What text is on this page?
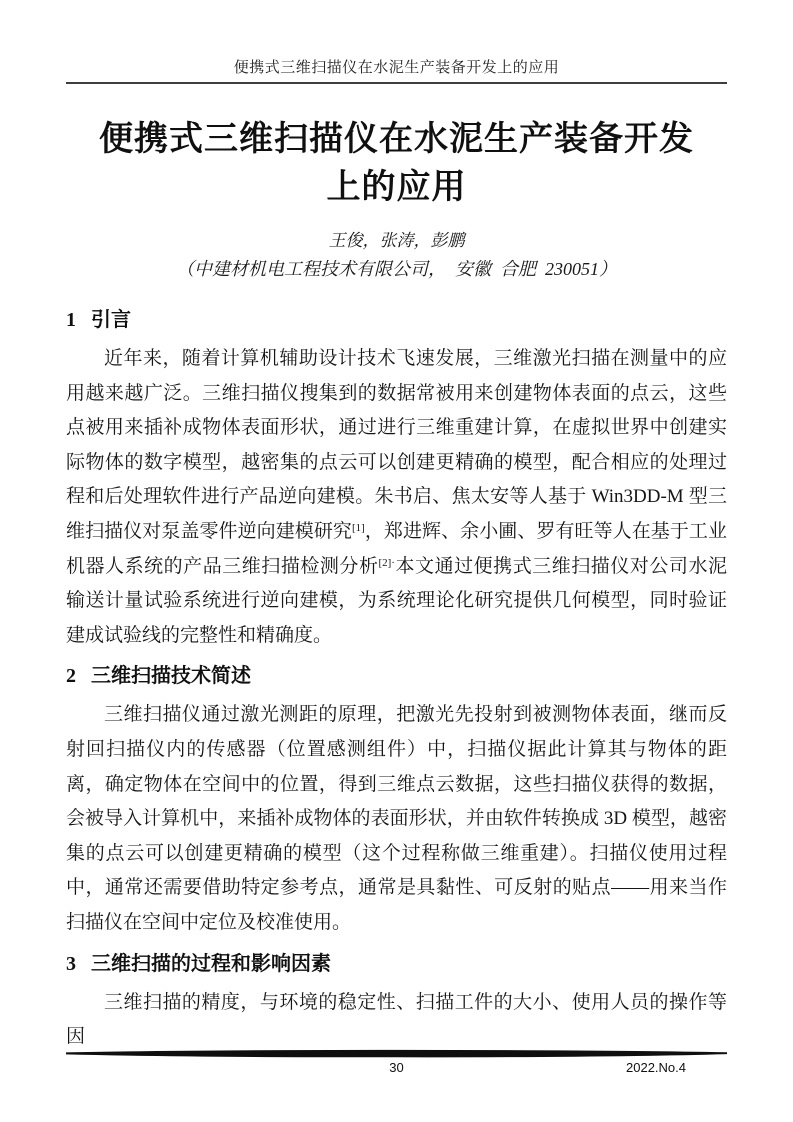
便携式三维扫描仪在水泥生产装备开发上的应用
便携式三维扫描仪在水泥生产装备开发
上的应用
王俊，张涛，彭鹏
（中建材机电工程技术有限公司，  安徽  合肥  230051）
1 引言

近年来，随着计算机辅助设计技术飞速发展，三维激光扫描在测量中的应用越来越广泛。三维扫描仪搜集到的数据常被用来创建物体表面的点云，这些点被用来插补成物体表面形状，通过进行三维重建计算，在虚拟世界中创建实际物体的数字模型，越密集的点云可以创建更精确的模型，配合相应的处理过程和后处理软件进行产品逆向建模。朱书启、焦太安等人基于 Win3DD-M 型三维扫描仪对泵盖零件逆向建模研究[1]，郑进辉、余小圃、罗有旺等人在基于工业机器人系统的产品三维扫描检测分析$^{[2]\cdot}$本文通过便携式三维扫描仪对公司水泥输送计量试验系统进行逆向建模，为系统理论化研究提供几何模型，同时验证建成试验线的完整性和精确度。

2 三维扫描技术简述

三维扫描仪通过激光测距的原理，把激光先投射到被测物体表面，继而反射回扫描仪内的传感器（位置感测组件）中，扫描仪据此计算其与物体的距离，确定物体在空间中的位置，得到三维点云数据，这些扫描仪获得的数据，会被导入计算机中，来插补成物体的表面形状，并由软件转换成 3D 模型，越密集的点云可以创建更精确的模型（这个过程称做三维重建）。扫描仪使用过程中，通常还需要借助特定参考点，通常是具黏性、可反射的贴点——用来当作扫描仪在空间中定位及校准使用。

3 三维扫描的过程和影响因素

三维扫描的精度，与环境的稳定性、扫描工件的大小、使用人员的操作等因

30	2022.No.4
